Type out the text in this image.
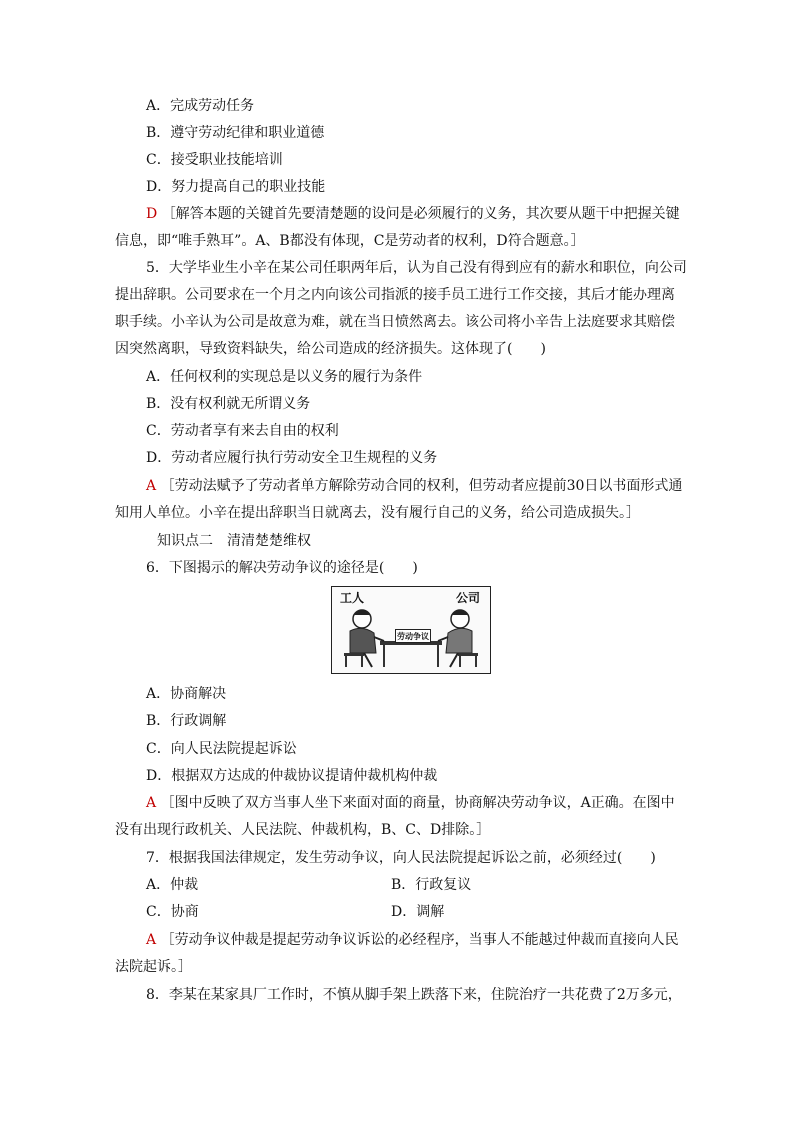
A．完成劳动任务
B．遵守劳动纪律和职业道德
C．接受职业技能培训
D．努力提高自己的职业技能
D ［解答本题的关键首先要清楚题的设问是必须履行的义务，其次要从题干中把握关键
信息，即“唯手熟耳”。A、B都没有体现，C是劳动者的权利，D符合题意。］
5．大学毕业生小辛在某公司任职两年后，认为自己没有得到应有的薪水和职位，向公司
提出辞职。公司要求在一个月之内向该公司指派的接手员工进行工作交接，其后才能办理离
职手续。小辛认为公司是故意为难，就在当日愤然离去。该公司将小辛告上法庭要求其赔偿
因突然离职，导致资料缺失，给公司造成的经济损失。这体现了(　　)
A．任何权利的实现总是以义务的履行为条件
B．没有权利就无所谓义务
C．劳动者享有来去自由的权利
D．劳动者应履行执行劳动安全卫生规程的义务
A ［劳动法赋予了劳动者单方解除劳动合同的权利，但劳动者应提前30日以书面形式通
知用人单位。小辛在提出辞职当日就离去，没有履行自己的义务，给公司造成损失。］
知识点二　清清楚楚维权
6．下图揭示的解决劳动争议的途径是(　　)
工人	公司
劳动争议
A．协商解决
B．行政调解
C．向人民法院提起诉讼
D．根据双方达成的仲裁协议提请仲裁机构仲裁
A ［图中反映了双方当事人坐下来面对面的商量，协商解决劳动争议，A正确。在图中
没有出现行政机关、人民法院、仲裁机构，B、C、D排除。］
7．根据我国法律规定，发生劳动争议，向人民法院提起诉讼之前，必须经过(　　)
A．仲裁	B．行政复议
C．协商	D．调解
A ［劳动争议仲裁是提起劳动争议诉讼的必经程序，当事人不能越过仲裁而直接向人民
法院起诉。］
8．李某在某家具厂工作时，不慎从脚手架上跌落下来，住院治疗一共花费了2万多元，
